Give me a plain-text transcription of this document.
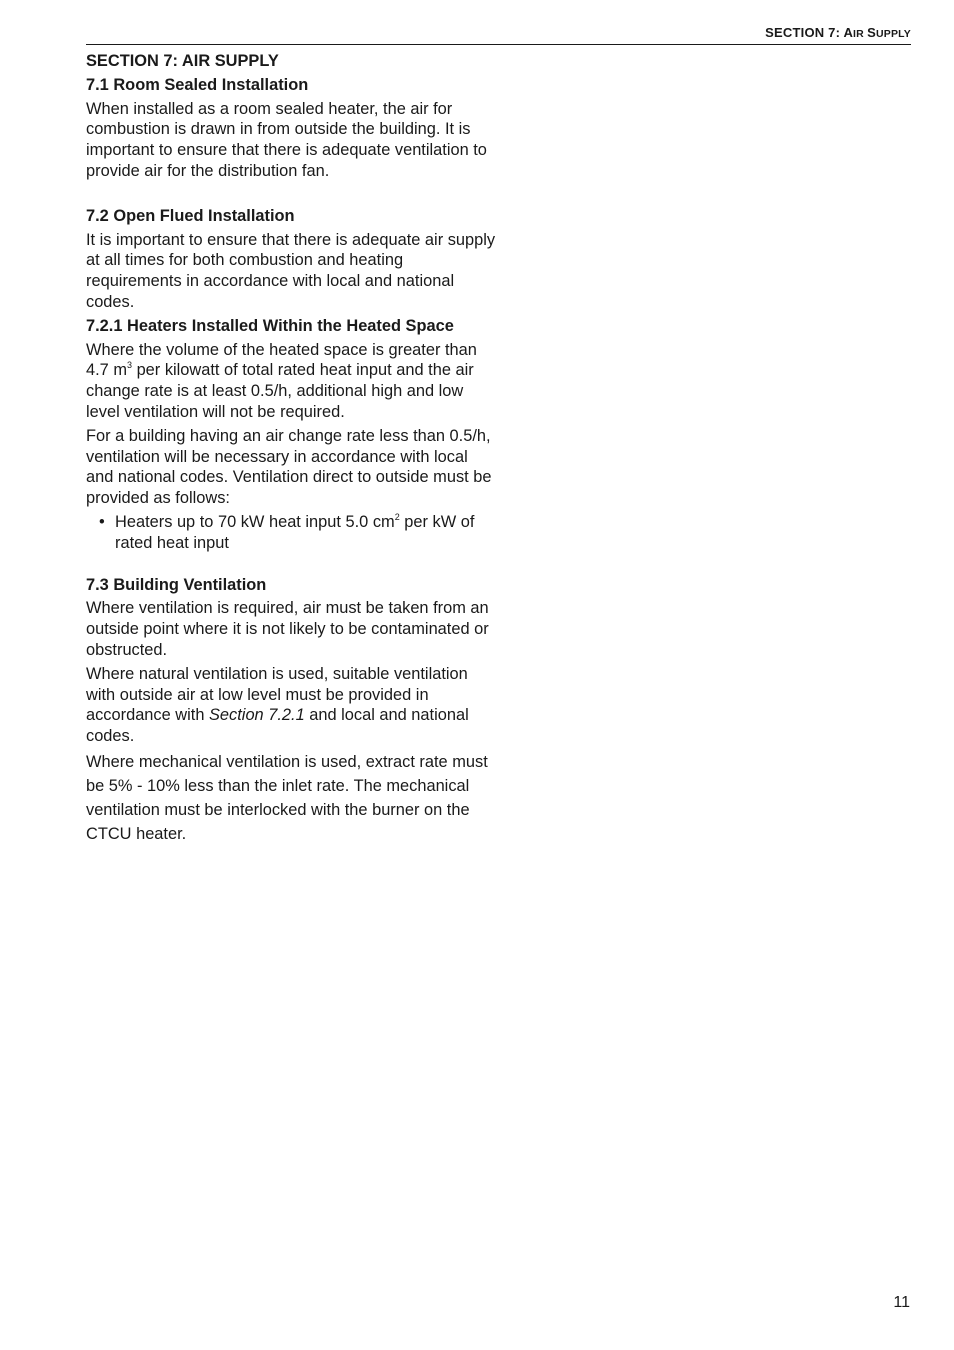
SECTION 7: AIR SUPPLY
SECTION 7: AIR SUPPLY
7.1 Room Sealed Installation

When installed as a room sealed heater, the air for combustion is drawn in from outside the building. It is important to ensure that there is adequate ventilation to provide air for the distribution fan.

7.2 Open Flued Installation

It is important to ensure that there is adequate air supply at all times for both combustion and heating requirements in accordance with local and national codes.

7.2.1 Heaters Installed Within the Heated Space

Where the volume of the heated space is greater than 4.7 $m^3$ per kilowatt of total rated heat input and the air change rate is at least 0.5/h, additional high and low level ventilation will not be required.

For a building having an air change rate less than 0.5/h, ventilation will be necessary in accordance with local and national codes. Ventilation direct to outside must be provided as follows:

• Heaters up to 70 kW heat input 5.0 $cm^2$ per kW of rated heat input
7.3 Building Ventilation

Where ventilation is required, air must be taken from an outside point where it is not likely to be contaminated or obstructed.

Where natural ventilation is used, suitable ventilation with outside air at low level must be provided in accordance with Section 7.2.1 and local and national codes.

Where mechanical ventilation is used, extract rate must be 5% - 10% less than the inlet rate. The mechanical ventilation must be interlocked with the burner on the CTCU heater.

11
